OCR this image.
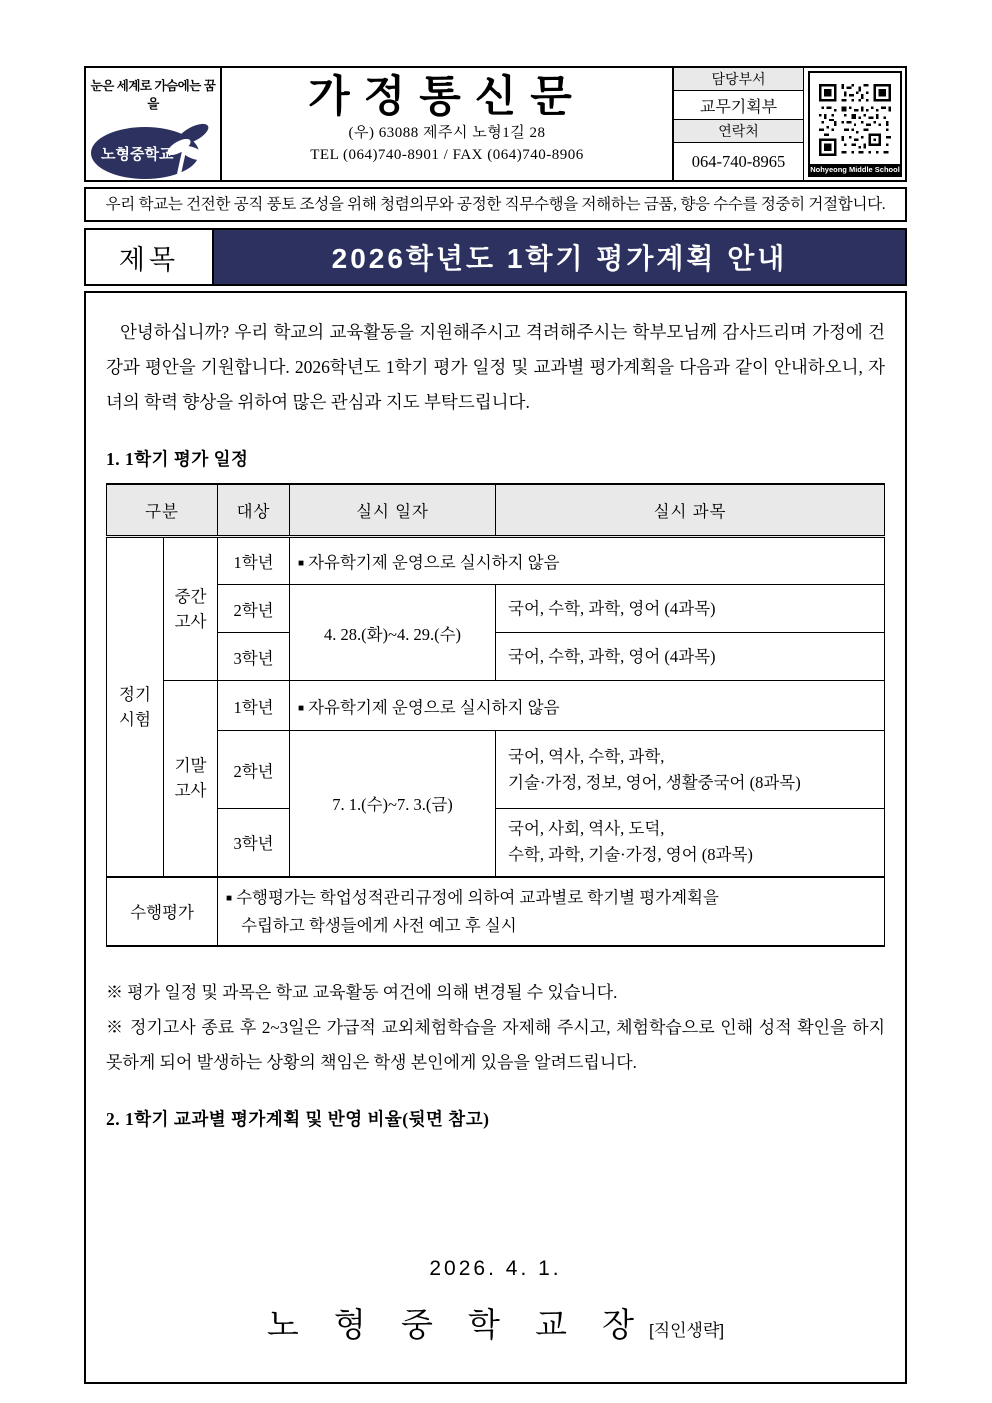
눈은 세계로 가슴에는 꿈을
노형중학교
가정통신문
(우) 63088 제주시 노형1길 28
TEL (064)740-8901 / FAX (064)740-8906
담당부서
교무기획부
연락처
064-740-8965	Nohyeong Middle School
우리 학교는 건전한 공직 풍토 조성을 위해 청렴의무와 공정한 직무수행을 저해하는 금품, 향응 수수를 정중히 거절합니다.
제목	2026학년도 1학기 평가계획 안내

안녕하십니까? 우리 학교의 교육활동을 지원해주시고 격려해주시는 학부모님께 감사드리며 가정에 건강과 평안을 기원합니다. 2026학년도 1학기 평가 일정 및 교과별 평가계획을 다음과 같이 안내하오니, 자녀의 학력 향상을 위하여 많은 관심과 지도 부탁드립니다.

1. 1학기 평가 일정

구분		대상	실시 일자	실시 과목
정기시험	중간고사	1학년	■ 자유학기제 운영으로 실시하지 않음	
		2학년	4. 28.(화)~4. 29.(수)	국어, 수학, 과학, 영어 (4과목)
		3학년		국어, 수학, 과학, 영어 (4과목)
	기말고사	1학년	■ 자유학기제 운영으로 실시하지 않음	
		2학년	7. 1.(수)~7. 3.(금)	국어, 역사, 수학, 과학,
기술·가정, 정보, 영어, 생활중국어 (8과목)

		3학년		국어, 사회, 역사, 도덕,
수학, 과학, 기술·가정, 영어 (8과목)

수행평가		■ 수행평가는 학업성적관리규정에 의하여 교과별로 학기별 평가계획을
수립하고 학생들에게 사전 예고 후 실시		

※ 평가 일정 및 과목은 학교 교육활동 여건에 의해 변경될 수 있습니다.

※ 정기고사 종료 후 2~3일은 가급적 교외체험학습을 자제해 주시고, 체험학습으로 인해 성적 확인을 하지 못하게 되어 발생하는 상황의 책임은 학생 본인에게 있음을 알려드립니다.

2. 1학기 교과별 평가계획 및 반영 비율(뒷면 참고)

2026. 4. 1.
노 형 중 학 교 장 [직인생략]
